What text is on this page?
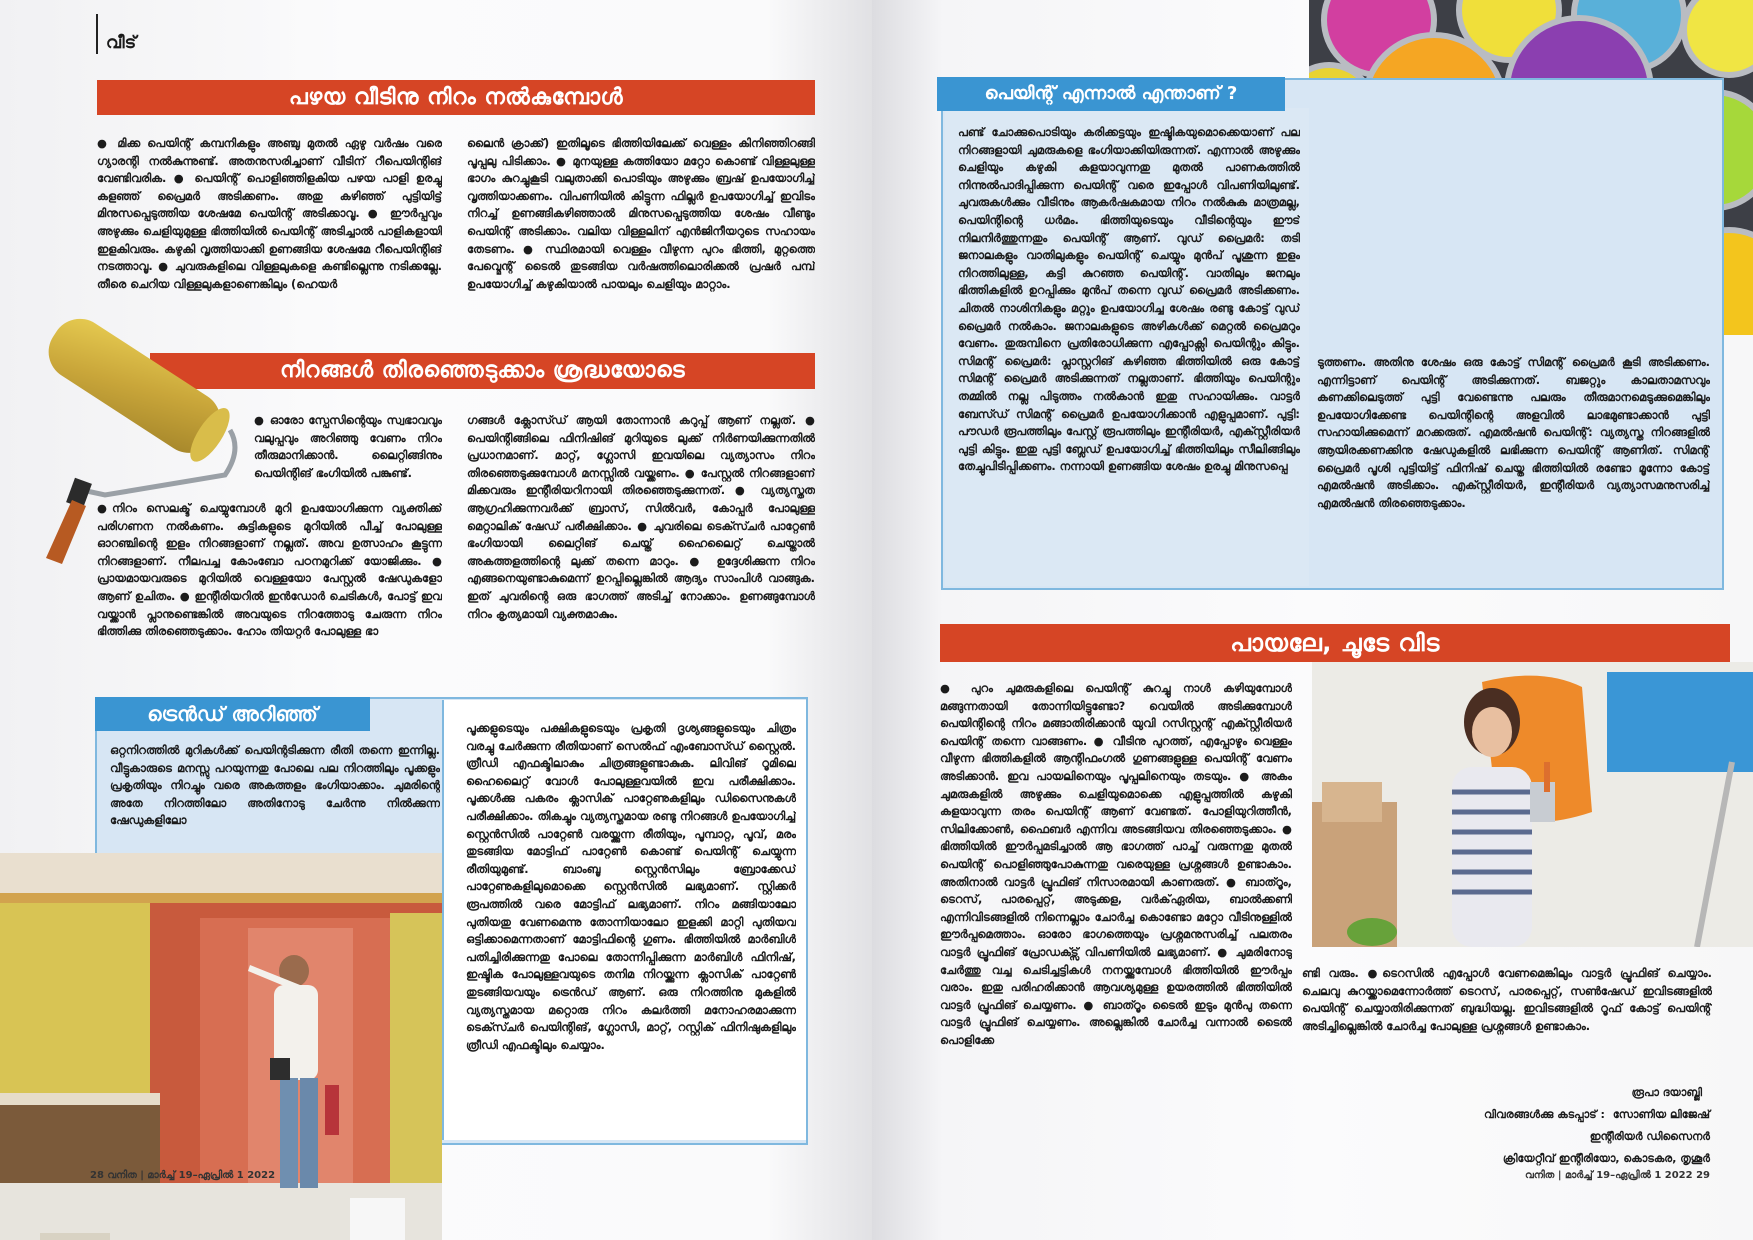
വീട്
പഴയ വീടിനു നിറം നൽകുമ്പോൾ
● മിക്ക പെയിന്റ് കമ്പനികളും അഞ്ചു മുതൽ ഏഴു വർഷം വരെ ഗ്യാരന്റി നൽകുന്നുണ്ട്. അതനുസരിച്ചാണ് വീടിന് റീപെയിന്റിങ് വേണ്ടിവരിക. ● പെയിന്റ് പൊളിഞ്ഞിളകിയ പഴയ പാളി ഉരച്ചു കളഞ്ഞ് പ്രൈമർ അടിക്കണം. അതു കഴിഞ്ഞ് പുട്ടിയിട്ട് മിനുസപ്പെടുത്തിയ ശേഷമേ പെയിന്റ് അടിക്കാവൂ. ● ഈർപ്പവും അഴുക്കും ചെളിയുമുള്ള ഭിത്തിയിൽ പെയിന്റ് അടിച്ചാൽ പാളികളായി ഇളകിവരും. കഴുകി വൃത്തിയാക്കി ഉണങ്ങിയ ശേഷമേ റീപെയിന്റിങ് നടത്താവൂ. ● ചുവരുകളിലെ വിള്ളലുകളെ കണ്ടില്ലെന്നു നടിക്കല്ലേ. തീരെ ചെറിയ വിള്ളലുകളാണെങ്കിലും (ഹെയർ
ലൈൻ ക്രാക്ക്) ഇതിലൂടെ ഭിത്തിയിലേക്ക് വെള്ളം കിനിഞ്ഞിറങ്ങി പൂപ്പലു പിടിക്കാം. ● മുനയുള്ള കത്തിയോ മറ്റോ കൊണ്ട് വിള്ളലുള്ള ഭാഗം കുറച്ചുകൂടി വലുതാക്കി പൊടിയും അഴുക്കും ബ്രഷ് ഉപയോഗിച്ച് വൃത്തിയാക്കണം. വിപണിയിൽ കിട്ടുന്ന ഫില്ലർ ഉപയോഗിച്ച് ഇവിടം നിറച്ച് ഉണങ്ങികഴിഞ്ഞാൽ മിനുസപ്പെടുത്തിയ ശേഷം വീണ്ടും പെയിന്റ് അടിക്കാം. വലിയ വിള്ളലിന് എൻജിനീയറുടെ സഹായം തേടണം. ● സ്ഥിരമായി വെള്ളം വീഴുന്ന പുറം ഭിത്തി, മുറ്റത്തെ പേവ്മെന്റ് ടൈൽ തുടങ്ങിയ വർഷത്തിലൊരിക്കൽ പ്രഷർ പമ്പ് ഉപയോഗിച്ച് കഴുകിയാൽ പായലും ചെളിയും മാറ്റാം.
നിറങ്ങൾ തിരഞ്ഞെടുക്കാം ശ്രദ്ധയോടെ
● ഓരോ സ്പേസിന്റെയും സ്വഭാവവും വലുപ്പവും അറിഞ്ഞു വേണം നിറം തീരുമാനിക്കാൻ. ലൈറ്റിങ്ങിനും പെയിന്റിങ് ഭംഗിയിൽ പങ്കുണ്ട്.
●നിറം സെലക്ട് ചെയ്യുമ്പോൾ മുറി ഉപയോഗിക്കുന്ന വ്യക്തിക്ക് പരിഗണന നൽകണം. കുട്ടികളുടെ മുറിയിൽ പീച്ച് പോലുള്ള ഓറഞ്ചിന്റെ ഇളം നിറങ്ങളാണ് നല്ലത്. അവ ഉത്സാഹം കൂട്ടുന്ന നിറങ്ങളാണ്. നീലപച്ച കോംബോ പഠനമുറിക്ക് യോജിക്കും. ● പ്രായമായവരുടെ മുറിയിൽ വെള്ളയോ പേസ്റ്റൽ ഷേഡുകളോ ആണ് ഉചിതം. ● ഇന്റീരിയറിൽ ഇൻഡോർ ചെടികൾ, പോട്ട് ഇവ വയ്ക്കാൻ പ്ലാനുണ്ടെങ്കിൽ അവയുടെ നിറത്തോടു ചേരുന്ന നിറം ഭിത്തിക്കു തിരഞ്ഞെടുക്കാം. ഹോം തിയറ്റർ പോലുള്ള ഭാ
ഗങ്ങൾ ക്ലോസ്ഡ് ആയി തോന്നാൻ കറുപ്പ് ആണ് നല്ലത്. ● പെയിന്റിങ്ങിലെ ഫിനിഷിങ് മുറിയുടെ ലുക്ക് നിർണയിക്കുന്നതിൽ പ്രധാനമാണ്. മാറ്റ്, ഗ്ലോസി ഇവയിലെ വ്യത്യാസം നിറം തിരഞ്ഞെടുക്കുമ്പോൾ മനസ്സിൽ വയ്ക്കണം. ● പേസ്റ്റൽ നിറങ്ങളാണ് മിക്കവരും ഇന്റീരിയറിനായി തിരഞ്ഞെടുക്കുന്നത്. ● വ്യത്യസ്തത ആഗ്രഹിക്കുന്നവർക്ക് ബ്രാസ്, സിൽവർ, കോപ്പർ പോലുള്ള മെറ്റാലിക് ഷേഡ് പരീക്ഷിക്കാം. ● ചുവരിലെ ടെക്സ്ചർ പാറ്റേൺ ഭംഗിയായി ലൈറ്റിങ് ചെയ്ത് ഹൈലൈറ്റ് ചെയ്താൽ അകത്തളത്തിന്റെ ലുക്ക് തന്നെ മാറും. ● ഉദ്ദേശിക്കുന്ന നിറം എങ്ങനെയുണ്ടാകുമെന്ന് ഉറപ്പില്ലെങ്കിൽ ആദ്യം സാംപിൾ വാങ്ങുക. ഇത് ചുവരിന്റെ ഒരു ഭാഗത്ത് അടിച്ച് നോക്കാം. ഉണങ്ങുമ്പോൾ നിറം കൃത്യമായി വ്യക്തമാകും.
ട്രെൻഡ് അറിഞ്ഞ്
ഒറ്റനിറത്തിൽ മുറികൾക്ക് പെയിന്റടിക്കുന്ന രീതി തന്നെ ഇന്നില്ല. വീട്ടുകാരുടെ മനസ്സു പറയുന്നതു പോലെ പല നിറത്തിലും പൂക്കളും പ്രകൃതിയും നിറച്ചും വരെ അകത്തളം ഭംഗിയാക്കാം. ചുമരിന്റെ അതേ നിറത്തിലോ അതിനോടു ചേർന്നു നിൽക്കുന്ന ഷേഡുകളിലോ
പൂക്കളുടെയും പക്ഷികളുടെയും പ്രകൃതി ദൃശ്യങ്ങളുടെയും ചിത്രം വരച്ചു ചേർക്കുന്ന രീതിയാണ് സെൽഫ് എംബോസ്ഡ് സ്റ്റൈൽ. ത്രീഡി എഫക്ടിലാകും ചിത്രങ്ങളുണ്ടാകുക. ലിവിങ് റൂമിലെ ഹൈലൈറ്റ് വോൾ പോലുള്ളവയിൽ ഇവ പരീക്ഷിക്കാം. പൂക്കൾക്കു പകരം ക്ലാസിക് പാറ്റേണുകളിലും ഡിസൈനുകൾ പരീക്ഷിക്കാം. തികച്ചും വ്യത്യസ്തമായ രണ്ടു നിറങ്ങൾ ഉപയോഗിച്ച് സ്റ്റെൻസിൽ പാറ്റേൺ വരയ്ക്കുന്ന രീതിയും, പൂമ്പാറ്റ, പൂവ്, മരം തുടങ്ങിയ മോട്ടിഫ് പാറ്റേൺ കൊണ്ട് പെയിന്റ് ചെയ്യുന്ന രീതിയുമുണ്ട്. ബാംബൂ സ്റ്റെൻസിലും ബ്രോക്കേഡ് പാറ്റേണുകളിലുമൊക്കെ സ്റ്റെൻസിൽ ലഭ്യമാണ്. സ്റ്റിക്കർ രൂപത്തിൽ വരെ മോട്ടിഫ് ലഭ്യമാണ്. നിറം മങ്ങിയാലോ പുതിയതു വേണമെന്നു തോന്നിയാലോ ഇളക്കി മാറ്റി പുതിയവ ഒട്ടിക്കാമെന്നതാണ് മോട്ടിഫിന്റെ ഗുണം. ഭിത്തിയിൽ മാർബിൾ പതിച്ചിരിക്കുന്നതു പോലെ തോന്നിപ്പിക്കുന്ന മാർബിൾ ഫിനിഷ്, ഇഷ്ടിക പോലുള്ളവയുടെ തനിമ നിറയ്ക്കുന്ന ക്ലാസിക് പാറ്റേൺ തുടങ്ങിയവയും ട്രെൻഡ് ആണ്. ഒരു നിറത്തിനു മുകളിൽ വ്യത്യസ്തമായ മറ്റൊരു നിറം കലർത്തി മനോഹരമാക്കുന്ന ടെക്സ്ചർ പെയിന്റിങ്, ഗ്ലോസി, മാറ്റ്, റസ്റ്റിക് ഫിനിഷുകളിലും ത്രീഡി എഫക്ടിലും ചെയ്യാം.
28 വനിത | മാർച്ച് 19–ഏപ്രിൽ 1 2022
പെയിന്റ് എന്നാൽ എന്താണ് ?
പണ്ട് ചോക്കുപൊടിയും കരിക്കട്ടയും ഇഷ്ടികയുമൊക്കെയാണ് പല നിറങ്ങളായി ചുമരുകളെ ഭംഗിയാക്കിയിരുന്നത്. എന്നാൽ അഴുക്കും ചെളിയും കഴുകി കളയാവുന്നതു മുതൽ പാണകത്തിൽ നിന്നുൽപാദിപ്പിക്കുന്ന പെയിന്റ് വരെ ഇപ്പോൾ വിപണിയിലുണ്ട്. ചുവരുകൾക്കും വീടിനും ആകർഷകമായ നിറം നൽകുക മാത്രമല്ല, പെയിന്റിന്റെ ധർമം. ഭിത്തിയുടെയും വീടിന്റെയും ഈട് നിലനിർത്തുന്നതും പെയിന്റ് ആണ്. വുഡ് പ്രൈമർ: തടി ജനാലകളും വാതിലുകളും പെയിന്റ് ചെയ്യും മുൻപ് പൂശുന്ന ഇളം നിറത്തിലുള്ള, കട്ടി കുറഞ്ഞ പെയിന്റ്. വാതിലും ജനലും ഭിത്തികളിൽ ഉറപ്പിക്കും മുൻപ് തന്നെ വുഡ് പ്രൈമർ അടിക്കണം. ചിതൽ നാശിനികളും മറ്റും ഉപയോഗിച്ച ശേഷം രണ്ടു കോട്ട് വുഡ് പ്രൈമർ നൽകാം. ജനാലകളുടെ അഴികൾക്ക് മെറ്റൽ പ്രൈമറും വേണം. തുരുമ്പിനെ പ്രതിരോധിക്കുന്ന എപ്പോക്സി പെയിന്റും കിട്ടും. സിമന്റ് പ്രൈമർ: പ്ലാസ്റ്ററിങ് കഴിഞ്ഞ ഭിത്തിയിൽ ഒരു കോട്ട് സിമന്റ് പ്രൈമർ അടിക്കുന്നത് നല്ലതാണ്. ഭിത്തിയും പെയിന്റും തമ്മിൽ നല്ല പിടുത്തം നൽകാൻ ഇതു സഹായിക്കും. വാട്ടർ ബേസ്ഡ് സിമന്റ് പ്രൈമർ ഉപയോഗിക്കാൻ എളുപ്പമാണ്. പുട്ടി: പൗഡർ രൂപത്തിലും പേസ്റ്റ് രൂപത്തിലും ഇന്റീരിയർ, എക്സ്റ്റീരിയർ പുട്ടി കിട്ടും. ഇതു പുട്ടി ബ്ലേഡ് ഉപയോഗിച്ച് ഭിത്തിയിലും സീലിങ്ങിലും തേച്ചുപിടിപ്പിക്കണം. നന്നായി ഉണങ്ങിയ ശേഷം ഉരച്ചു മിനുസപ്പെ
ടുത്തണം. അതിനു ശേഷം ഒരു കോട്ട് സിമന്റ് പ്രൈമർ കൂടി അടിക്കണം. എന്നിട്ടാണ് പെയിന്റ് അടിക്കുന്നത്. ബജറ്റും കാലതാമസവും കണക്കിലെടുത്ത് പുട്ടി വേണ്ടെന്നു പലരും തീരുമാനമെടുക്കുമെങ്കിലും ഉപയോഗിക്കേണ്ട പെയിന്റിന്റെ അളവിൽ ലാഭമുണ്ടാക്കാൻ പുട്ടി സഹായിക്കുമെന്ന് മറക്കരുത്. എമൽഷൻ പെയിന്റ്: വ്യത്യസ്ത നിറങ്ങളിൽ ആയിരക്കണക്കിനു ഷേഡുകളിൽ ലഭിക്കുന്ന പെയിന്റ് ആണിത്. സിമന്റ് പ്രൈമർ പൂശി പുട്ടിയിട്ട് ഫിനിഷ് ചെയ്ത ഭിത്തിയിൽ രണ്ടോ മൂന്നോ കോട്ട് എമൽഷൻ അടിക്കാം. എക്സ്റ്റീരിയർ, ഇന്റീരിയർ വ്യത്യാസമനുസരിച്ച് എമൽഷൻ തിരഞ്ഞെടുക്കാം.
പായലേ, ചൂടേ വിട
● പുറം ചുമരുകളിലെ പെയിന്റ് കുറച്ചു നാൾ കഴിയുമ്പോൾ മങ്ങുന്നതായി തോന്നിയിട്ടുണ്ടോ? വെയിൽ അടിക്കുമ്പോൾ പെയിന്റിന്റെ നിറം മങ്ങാതിരിക്കാൻ യുവി റസിസ്റ്റന്റ് എക്സ്റ്റീരിയർ പെയിന്റ് തന്നെ വാങ്ങണം. ● വീടിനു പുറത്ത്, എപ്പോഴും വെള്ളം വീഴുന്ന ഭിത്തികളിൽ ആന്റിഫംഗൽ ഗുണങ്ങളുള്ള പെയിന്റ് വേണം അടിക്കാൻ. ഇവ പായലിനെയും പൂപ്പലിനെയും തടയും. ● അകം ചുമരുകളിൽ അഴുക്കും ചെളിയുമൊക്കെ എളുപ്പത്തിൽ കഴുകി കളയാവുന്ന തരം പെയിന്റ് ആണ് വേണ്ടത്. പോളിയുറിത്തീൻ, സിലിക്കോൺ, ഫൈബർ എന്നിവ അടങ്ങിയവ തിരഞ്ഞെടുക്കാം. ● ഭിത്തിയിൽ ഈർപ്പമടിച്ചാൽ ആ ഭാഗത്ത് പാച്ച് വരുന്നതു മുതൽ പെയിന്റ് പൊളിഞ്ഞുപോകുന്നതു വരെയുള്ള പ്രശ്നങ്ങൾ ഉണ്ടാകാം. അതിനാൽ വാട്ടർ പ്രൂഫിങ് നിസാരമായി കാണരുത്. ● ബാത്റൂം, ടെറസ്, പാരപ്പെറ്റ്, അടുക്കള, വർക്ഏരിയ, ബാൽക്കണി എന്നിവിടങ്ങളിൽ നിന്നെല്ലാം ചോർച്ച കൊണ്ടോ മറ്റോ വീടിനുള്ളിൽ ഈർപ്പമെത്താം. ഓരോ ഭാഗത്തെയും പ്രശ്നമനുസരിച്ച് പലതരം വാട്ടർ പ്രൂഫിങ് പ്രോഡക്ട്സ് വിപണിയിൽ ലഭ്യമാണ്. ● ചുമരിനോടു ചേർത്തു വച്ച ചെടിച്ചട്ടികൾ നനയ്ക്കുമ്പോൾ ഭിത്തിയിൽ ഈർപ്പം വരാം. ഇതു പരിഹരിക്കാൻ ആവശ്യമുള്ള ഉയരത്തിൽ ഭിത്തിയിൽ വാട്ടർ പ്രൂഫിങ് ചെയ്യണം. ● ബാത്റൂം ടൈൽ ഇടും മുൻപു തന്നെ വാട്ടർ പ്രൂഫിങ് ചെയ്യണം. അല്ലെങ്കിൽ ചോർച്ച വന്നാൽ ടൈൽ പൊളിക്കേ
ണ്ടി വരും. ●ടെറസിൽ എപ്പോൾ വേണമെങ്കിലും വാട്ടർ പ്രൂഫിങ് ചെയ്യാം. ചെലവു കുറയ്ക്കാമെന്നോർത്ത് ടെറസ്, പാരപ്പെറ്റ്, സൺഷേഡ് ഇവിടങ്ങളിൽ പെയിന്റ് ചെയ്യാതിരിക്കുന്നത് ബുദ്ധിയല്ല. ഇവിടങ്ങളിൽ റൂഫ് കോട്ട് പെയിന്റ് അടിച്ചില്ലെങ്കിൽ ചോർച്ച പോലുള്ള പ്രശ്നങ്ങൾ ഉണ്ടാകാം.
രൂപാ ദയാബ്ജി
വിവരങ്ങൾക്കു കടപ്പാട് : സോണിയ ലിജേഷ്
ഇന്റീരിയർ ഡിസൈനർ
ക്രിയേറ്റീവ് ഇന്റീരിയോ, കൊടകര, തൃശൂർ
വനിത | മാർച്ച് 19–ഏപ്രിൽ 1 2022 29
